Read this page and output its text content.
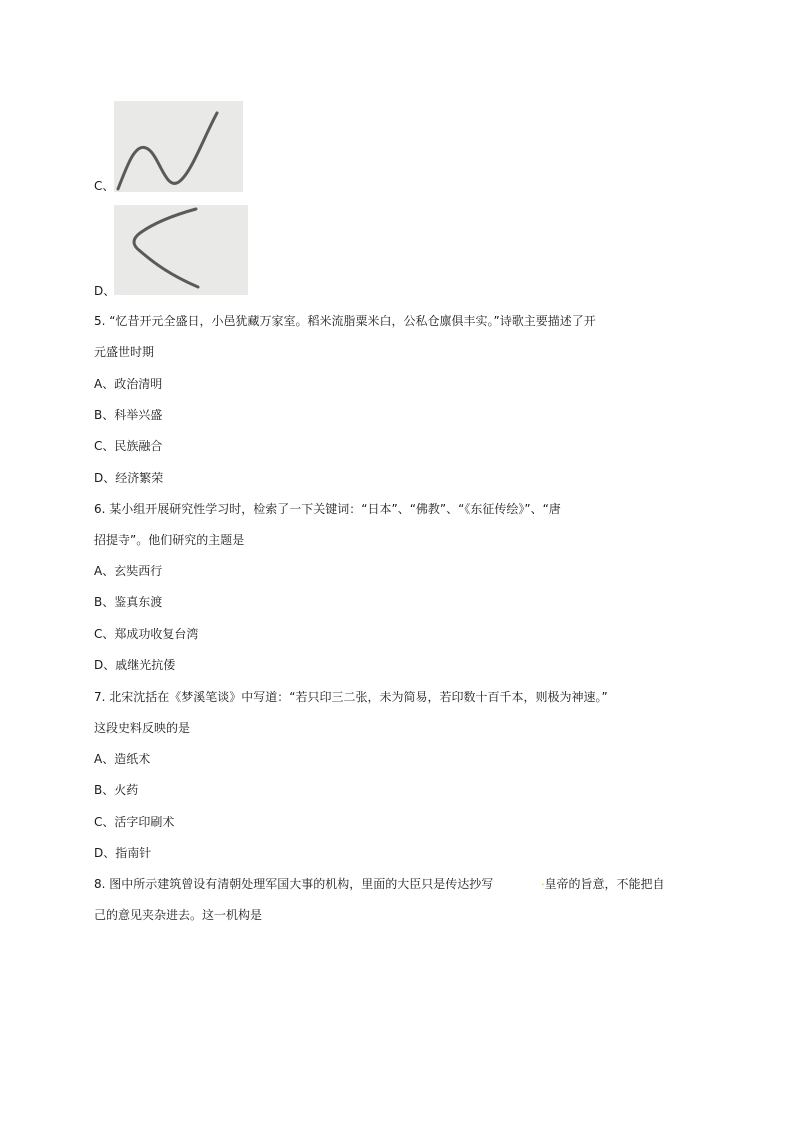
C、
D、
5. “忆昔开元全盛日，小邑犹藏万家室。稻米流脂粟米白，公私仓廪俱丰实。”诗歌主要描述了开
元盛世时期
A、政治清明
B、科举兴盛
C、民族融合
D、经济繁荣
6. 某小组开展研究性学习时，检索了一下关键词：“日本”、“佛教”、“《东征传绘》”、“唐
招提寺”。他们研究的主题是
A、玄奘西行
B、鉴真东渡
C、郑成功收复台湾
D、戚继光抗倭
7. 北宋沈括在《梦溪笔谈》中写道：“若只印三二张，未为简易，若印数十百千本，则极为神速。”
这段史料反映的是
A、造纸术
B、火药
C、活字印刷术
D、指南针
8. 图中所示建筑曾设有清朝处理军国大事的机构，里面的大臣只是传达抄写	·皇帝的旨意，不能把自
己的意见夹杂进去。这一机构是
